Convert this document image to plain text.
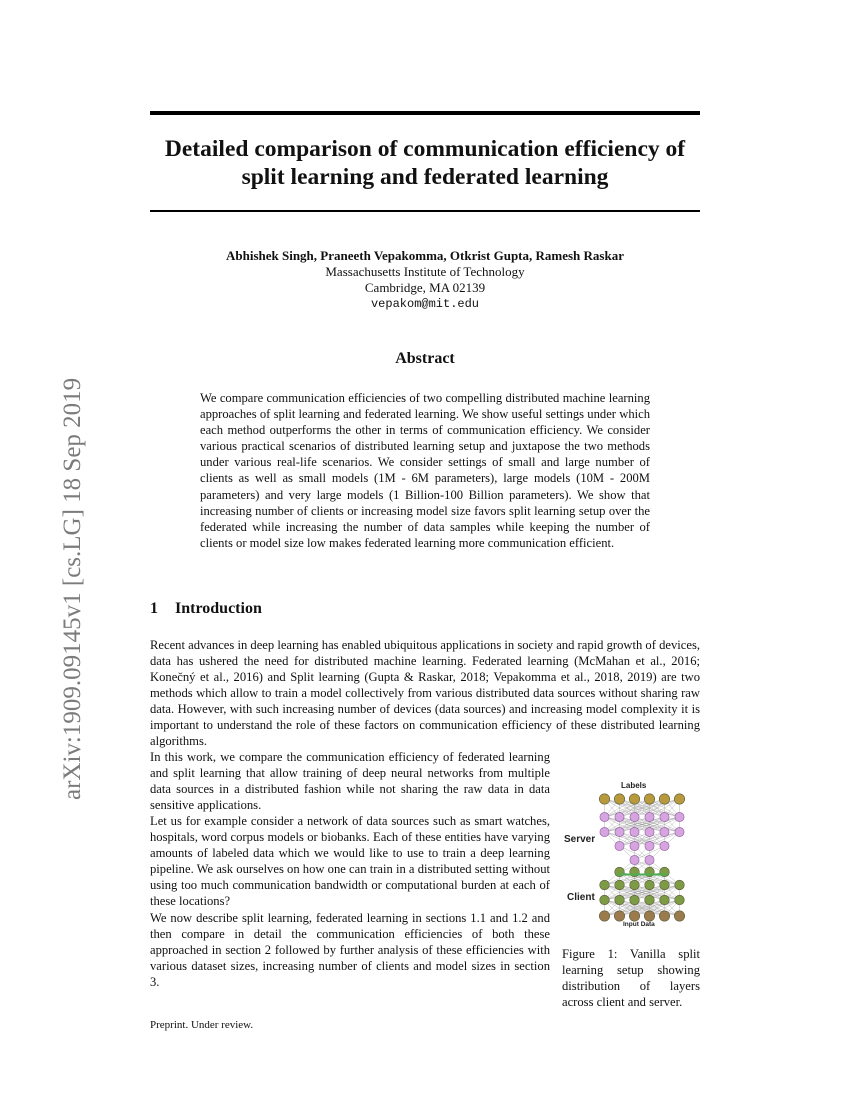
arXiv:1909.09145v1 [cs.LG] 18 Sep 2019
Detailed comparison of communication efficiency of
split learning and federated learning
Abhishek Singh, Praneeth Vepakomma, Otkrist Gupta, Ramesh Raskar
Massachusetts Institute of Technology
Cambridge, MA 02139
vepakom@mit.edu
Abstract
We compare communication efficiencies of two compelling distributed machine learning approaches of split learning and federated learning. We show useful settings under which each method outperforms the other in terms of communication efficiency. We consider various practical scenarios of distributed learning setup and juxtapose the two methods under various real-life scenarios. We consider settings of small and large number of clients as well as small models (1M - 6M parameters), large models (10M - 200M parameters) and very large models (1 Billion-100 Billion parameters). We show that increasing number of clients or increasing model size favors split learning setup over the federated while increasing the number of data samples while keeping the number of clients or model size low makes federated learning more communication efficient.
1 Introduction
Recent advances in deep learning has enabled ubiquitous applications in society and rapid growth of devices, data has ushered the need for distributed machine learning. Federated learning (McMahan et al., 2016; Konečný et al., 2016) and Split learning (Gupta & Raskar, 2018; Vepakomma et al., 2018, 2019) are two methods which allow to train a model collectively from various distributed data sources without sharing raw data. However, with such increasing number of devices (data sources) and increasing model complexity it is important to understand the role of these factors on communication efficiency of these distributed learning algorithms.
In this work, we compare the communication efficiency of federated learning and split learning that allow training of deep neural networks from multiple data sources in a distributed fashion while not sharing the raw data in data sensitive applications.
Let us for example consider a network of data sources such as smart watches, hospitals, word corpus models or biobanks. Each of these entities have varying amounts of labeled data which we would like to use to train a deep learning pipeline. We ask ourselves on how one can train in a distributed setting without using too much communication bandwidth or computational burden at each of these locations?
We now describe split learning, federated learning in sections 1.1 and 1.2 and then compare in detail the communication efficiencies of both these approached in section 2 followed by further analysis of these efficiencies with various dataset sizes, increasing number of clients and model sizes in section 3.
Labels
Server
Client
Input Data
Figure 1: Vanilla split learning setup showing distribution of layers across client and server.
Preprint. Under review.
